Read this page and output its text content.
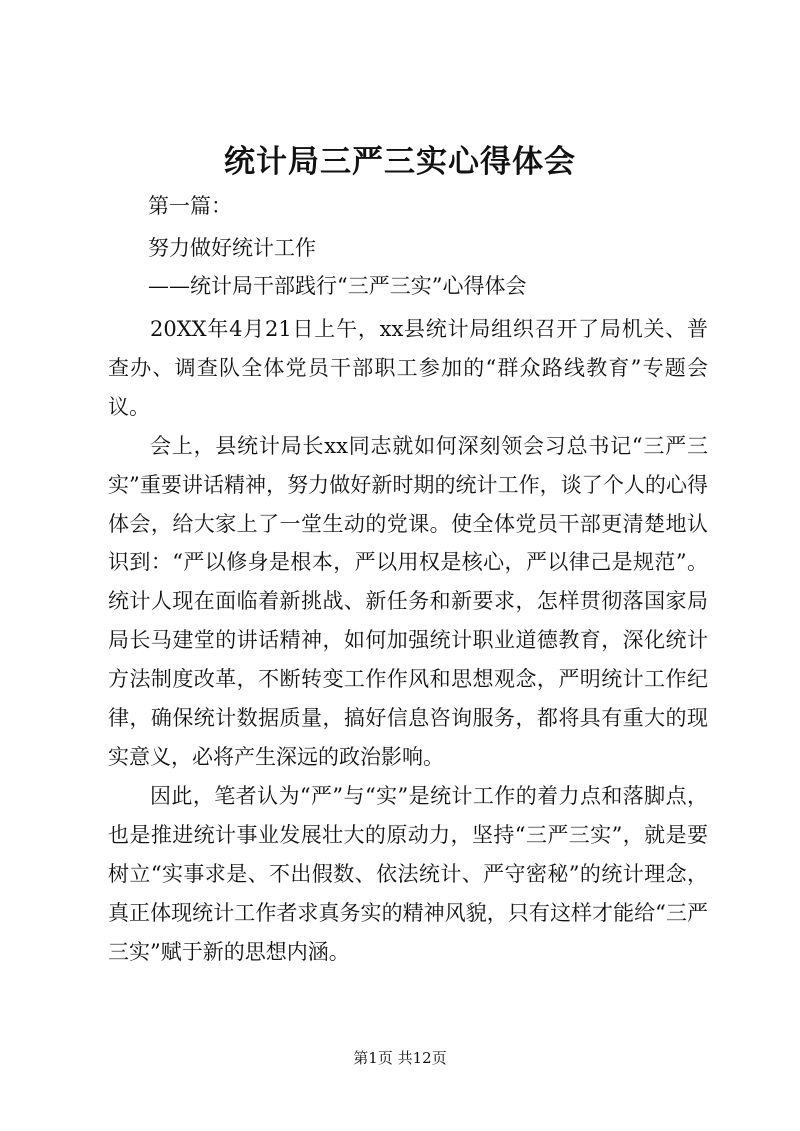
统计局三严三实心得体会
第一篇：
努力做好统计工作
——统计局干部践行“三严三实”心得体会

20XX年4月21日上午，xx县统计局组织召开了局机关、普查办、调查队全体党员干部职工参加的“群众路线教育”专题会议。

会上，县统计局长xx同志就如何深刻领会习总书记“三严三实”重要讲话精神，努力做好新时期的统计工作，谈了个人的心得体会，给大家上了一堂生动的党课。使全体党员干部更清楚地认识到：“严以修身是根本，严以用权是核心，严以律己是规范”。统计人现在面临着新挑战、新任务和新要求，怎样贯彻落国家局局长马建堂的讲话精神，如何加强统计职业道德教育，深化统计方法制度改革，不断转变工作作风和思想观念，严明统计工作纪律，确保统计数据质量，搞好信息咨询服务，都将具有重大的现实意义，必将产生深远的政治影响。

因此，笔者认为“严”与“实”是统计工作的着力点和落脚点，也是推进统计事业发展壮大的原动力，坚持“三严三实”，就是要树立“实事求是、不出假数、依法统计、严守密秘”的统计理念，真正体现统计工作者求真务实的精神风貌，只有这样才能给“三严三实”赋于新的思想内涵。

第1页 共12页
